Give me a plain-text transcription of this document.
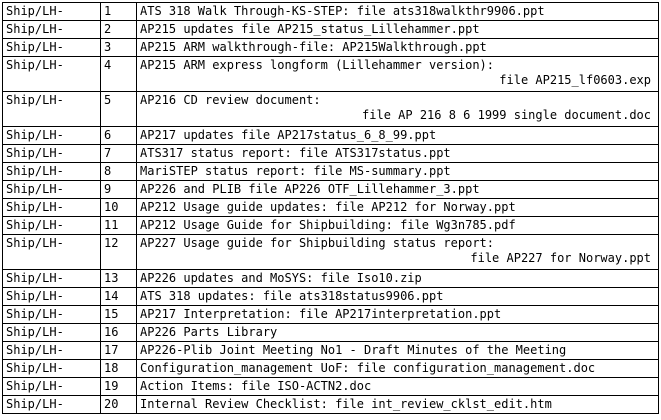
Ship/LH-	1	ATS 318 Walk Through-KS-STEP: file ats318walkthr9906.ppt
Ship/LH-	2	AP215 updates file AP215_status_Lillehammer.ppt
Ship/LH-	3	AP215 ARM walkthrough-file: AP215Walkthrough.ppt
Ship/LH-	4	AP215 ARM express longform (Lillehammer version):
file AP215_lf0603.exp

Ship/LH-	5	AP216 CD review document:
file AP 216 8 6 1999 single document.doc

Ship/LH-	6	AP217 updates file AP217status_6_8_99.ppt
Ship/LH-	7	ATS317 status report: file ATS317status.ppt
Ship/LH-	8	MariSTEP status report: file MS-summary.ppt
Ship/LH-	9	AP226 and PLIB file AP226 OTF_Lillehammer_3.ppt
Ship/LH-	10	AP212 Usage guide updates: file AP212 for Norway.ppt
Ship/LH-	11	AP212 Usage Guide for Shipbuilding: file Wg3n785.pdf
Ship/LH-	12	AP227 Usage guide for Shipbuilding status report:
file AP227 for Norway.ppt

Ship/LH-	13	AP226 updates and MoSYS: file Iso10.zip
Ship/LH-	14	ATS 318 updates: file ats318status9906.ppt
Ship/LH-	15	AP217 Interpretation: file AP217interpretation.ppt
Ship/LH-	16	AP226 Parts Library
Ship/LH-	17	AP226-Plib Joint Meeting No1 - Draft Minutes of the Meeting
Ship/LH-	18	Configuration_management UoF: file configuration_management.doc
Ship/LH-	19	Action Items: file ISO-ACTN2.doc
Ship/LH-	20	Internal Review Checklist: file int_review_cklst_edit.htm
